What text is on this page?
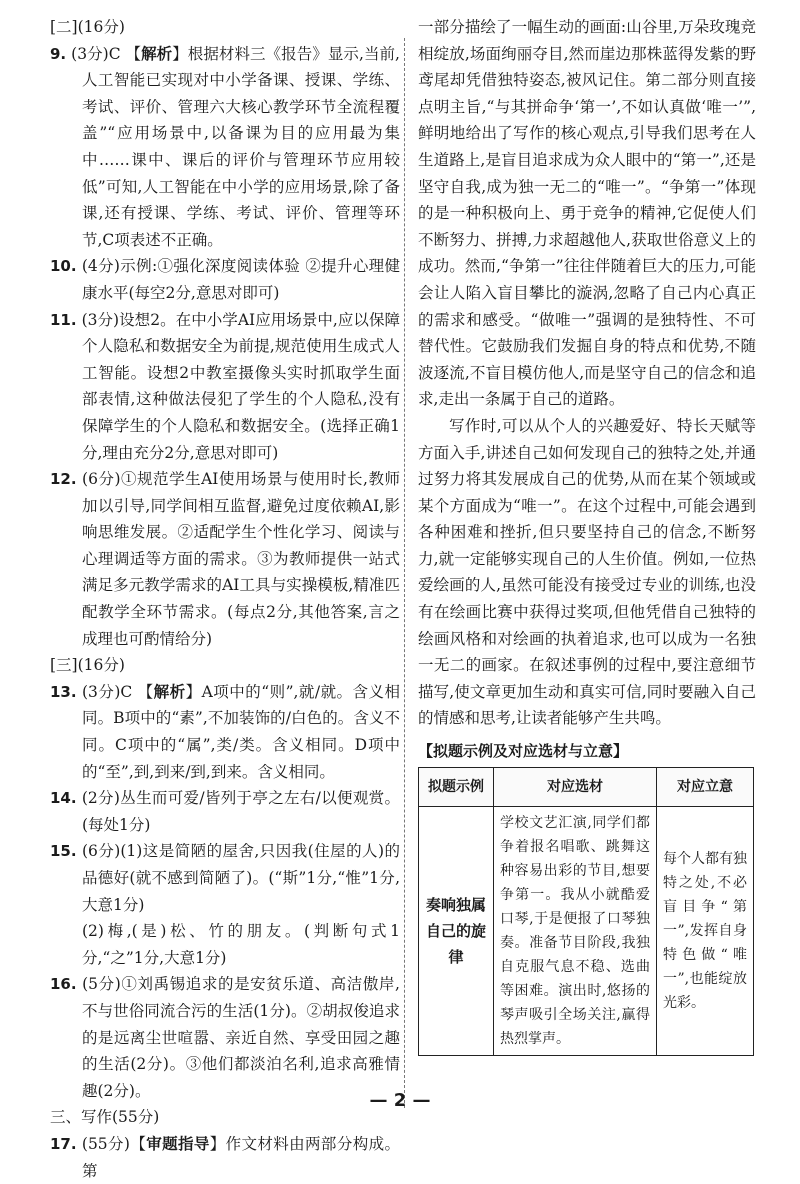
[二](16分)

9. (3分)C 【解析】根据材料三《报告》显示,当前,人工智能已实现对中小学备课、授课、学练、考试、评价、管理六大核心教学环节全流程覆盖”“应用场景中,以备课为目的应用最为集中……课中、课后的评价与管理环节应用较低”可知,人工智能在中小学的应用场景,除了备课,还有授课、学练、考试、评价、管理等环节,C项表述不正确。

10. (4分)示例:①强化深度阅读体验 ②提升心理健康水平(每空2分,意思对即可)

11. (3分)设想2。在中小学AI应用场景中,应以保障个人隐私和数据安全为前提,规范使用生成式人工智能。设想2中教室摄像头实时抓取学生面部表情,这种做法侵犯了学生的个人隐私,没有保障学生的个人隐私和数据安全。(选择正确1分,理由充分2分,意思对即可)

12. (6分)①规范学生AI使用场景与使用时长,教师加以引导,同学间相互监督,避免过度依赖AI,影响思维发展。②适配学生个性化学习、阅读与心理调适等方面的需求。③为教师提供一站式满足多元教学需求的AI工具与实操模板,精准匹配教学全环节需求。(每点2分,其他答案,言之成理也可酌情给分)

[三](16分)

13. (3分)C 【解析】A项中的“则”,就/就。含义相同。B项中的“素”,不加装饰的/白色的。含义不同。C项中的“属”,类/类。含义相同。D项中的“至”,到,到来/到,到来。含义相同。

14. (2分)丛生而可爱/皆列于亭之左右/以便观赏。(每处1分)

15. (6分)(1)这是简陋的屋舍,只因我(住屋的人)的品德好(就不感到简陋了)。(“斯”1分,“惟”1分,大意1分)

(2)梅,(是)松、竹的朋友。(判断句式1分,“之”1分,大意1分)

16. (5分)①刘禹锡追求的是安贫乐道、高洁傲岸,不与世俗同流合污的生活(1分)。②胡叔俊追求的是远离尘世喧嚣、亲近自然、享受田园之趣的生活(2分)。③他们都淡泊名利,追求高雅情趣(2分)。

三、写作(55分)

17. (55分)【审题指导】作文材料由两部分构成。第

一部分描绘了一幅生动的画面:山谷里,万朵玫瑰竞相绽放,场面绚丽夺目,然而崖边那株蓝得发紫的野鸢尾却凭借独特姿态,被风记住。第二部分则直接点明主旨,“与其拼命争‘第一’,不如认真做‘唯一’”,鲜明地给出了写作的核心观点,引导我们思考在人生道路上,是盲目追求成为众人眼中的“第一”,还是坚守自我,成为独一无二的“唯一”。“争第一”体现的是一种积极向上、勇于竞争的精神,它促使人们不断努力、拼搏,力求超越他人,获取世俗意义上的成功。然而,“争第一”往往伴随着巨大的压力,可能会让人陷入盲目攀比的漩涡,忽略了自己内心真正的需求和感受。“做唯一”强调的是独特性、不可替代性。它鼓励我们发掘自身的特点和优势,不随波逐流,不盲目模仿他人,而是坚守自己的信念和追求,走出一条属于自己的道路。

写作时,可以从个人的兴趣爱好、特长天赋等方面入手,讲述自己如何发现自己的独特之处,并通过努力将其发展成自己的优势,从而在某个领域或某个方面成为“唯一”。在这个过程中,可能会遇到各种困难和挫折,但只要坚持自己的信念,不断努力,就一定能够实现自己的人生价值。例如,一位热爱绘画的人,虽然可能没有接受过专业的训练,也没有在绘画比赛中获得过奖项,但他凭借自己独特的绘画风格和对绘画的执着追求,也可以成为一名独一无二的画家。在叙述事例的过程中,要注意细节描写,使文章更加生动和真实可信,同时要融入自己的情感和思考,让读者能够产生共鸣。

【拟题示例及对应选材与立意】

拟题示例	对应选材	对应立意
奏响独属自己的旋律	学校文艺汇演,同学们都争着报名唱歌、跳舞这种容易出彩的节目,想要争第一。我从小就酷爱口琴,于是便报了口琴独奏。准备节目阶段,我独自克服气息不稳、选曲等困难。演出时,悠扬的琴声吸引全场关注,赢得热烈掌声。	每个人都有独特之处,不必盲目争“第一”,发挥自身特色做“唯一”,也能绽放光彩。
— 2 —
